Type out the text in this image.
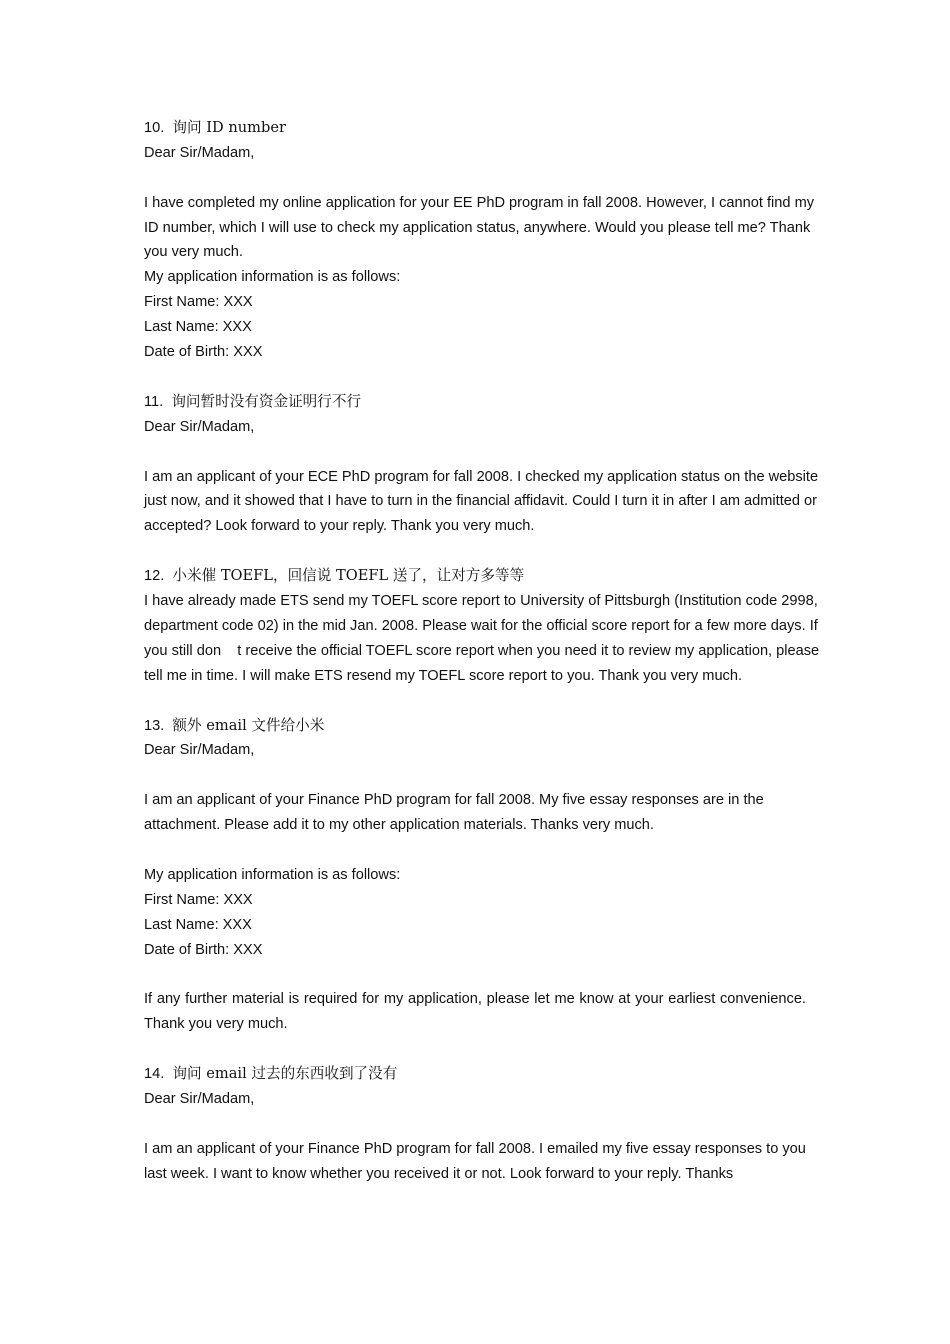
10. 询问 ID number
Dear Sir/Madam,
I have completed my online application for your EE PhD program in fall 2008. However, I cannot find my ID number, which I will use to check my application status, anywhere. Would you please tell me? Thank you very much.
My application information is as follows:
First Name: XXX
Last Name: XXX
Date of Birth: XXX
11. 询问暂时没有资金证明行不行
Dear Sir/Madam,
I am an applicant of your ECE PhD program for fall 2008. I checked my application status on the website just now, and it showed that I have to turn in the financial affidavit. Could I turn it in after I am admitted or accepted? Look forward to your reply. Thank you very much.
12. 小米催 TOEFL，回信说 TOEFL 送了，让对方多等等
I have already made ETS send my TOEFL score report to University of Pittsburgh (Institution code 2998, department code 02) in the mid Jan. 2008. Please wait for the official score report for a few more days. If you still don    t receive the official TOEFL score report when you need it to review my application, please tell me in time. I will make ETS resend my TOEFL score report to you. Thank you very much.
13. 额外 email 文件给小米
Dear Sir/Madam,
I am an applicant of your Finance PhD program for fall 2008. My five essay responses are in the attachment. Please add it to my other application materials. Thanks very much.
My application information is as follows:
First Name: XXX
Last Name: XXX
Date of Birth: XXX
If any further material is required for my application, please let me know at your earliest convenience. Thank you very much.
14. 询问 email 过去的东西收到了没有
Dear Sir/Madam,
I am an applicant of your Finance PhD program for fall 2008. I emailed my five essay responses to you last week. I want to know whether you received it or not. Look forward to your reply. Thanks
